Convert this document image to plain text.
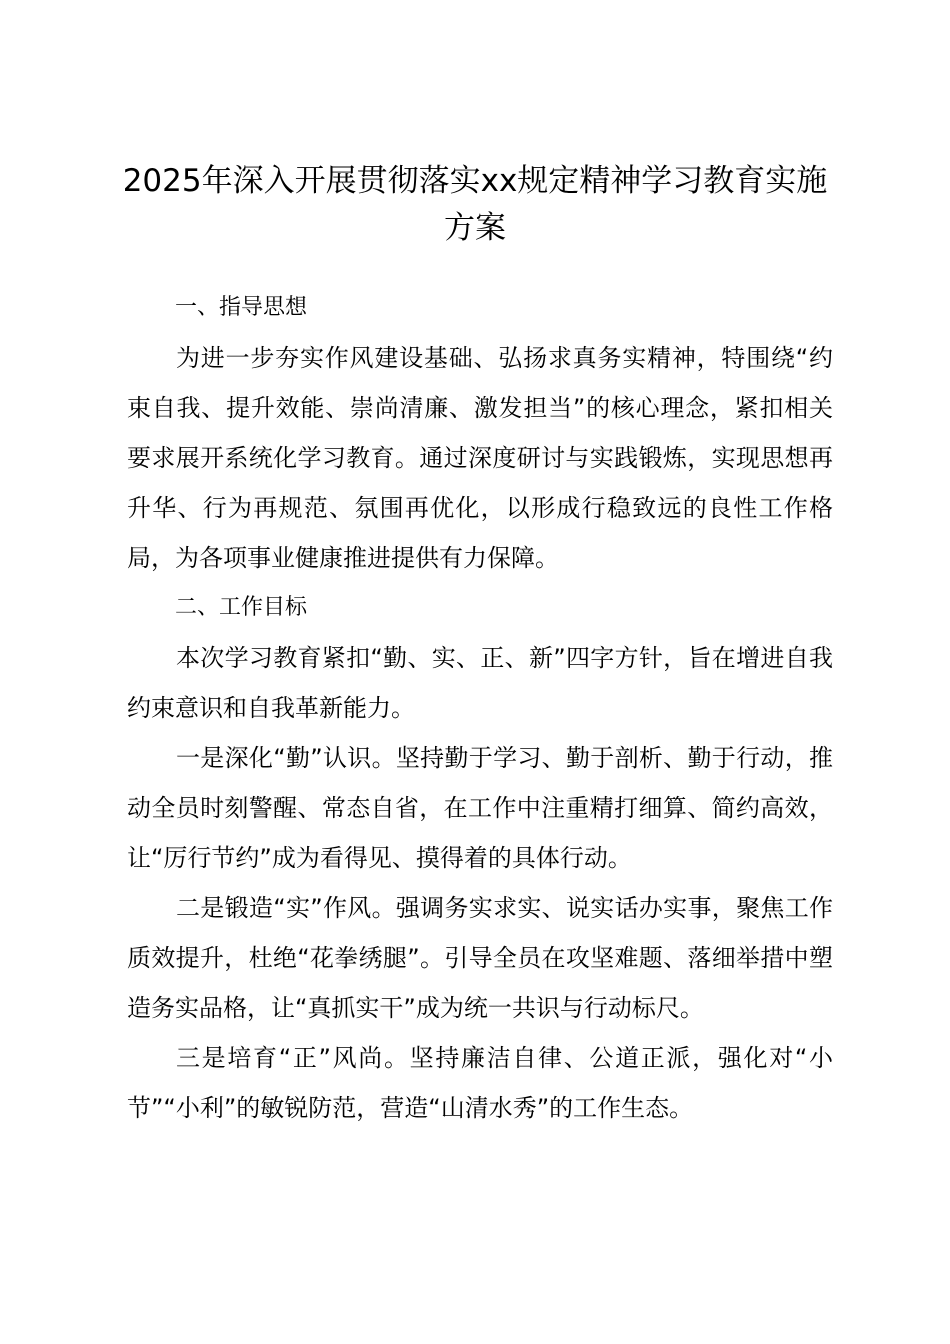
2025年深入开展贯彻落实xx规定精神学习教育实施方案

一、指导思想

为进一步夯实作风建设基础、弘扬求真务实精神，特围绕“约束自我、提升效能、崇尚清廉、激发担当”的核心理念，紧扣相关要求展开系统化学习教育。通过深度研讨与实践锻炼，实现思想再升华、行为再规范、氛围再优化，以形成行稳致远的良性工作格局，为各项事业健康推进提供有力保障。

二、工作目标

本次学习教育紧扣“勤、实、正、新”四字方针，旨在增进自我约束意识和自我革新能力。

一是深化“勤”认识。坚持勤于学习、勤于剖析、勤于行动，推动全员时刻警醒、常态自省，在工作中注重精打细算、简约高效，让“厉行节约”成为看得见、摸得着的具体行动。

二是锻造“实”作风。强调务实求实、说实话办实事，聚焦工作质效提升，杜绝“花拳绣腿”。引导全员在攻坚难题、落细举措中塑造务实品格，让“真抓实干”成为统一共识与行动标尺。

三是培育“正”风尚。坚持廉洁自律、公道正派，强化对“小节”“小利”的敏锐防范，营造“山清水秀”的工作生态。
